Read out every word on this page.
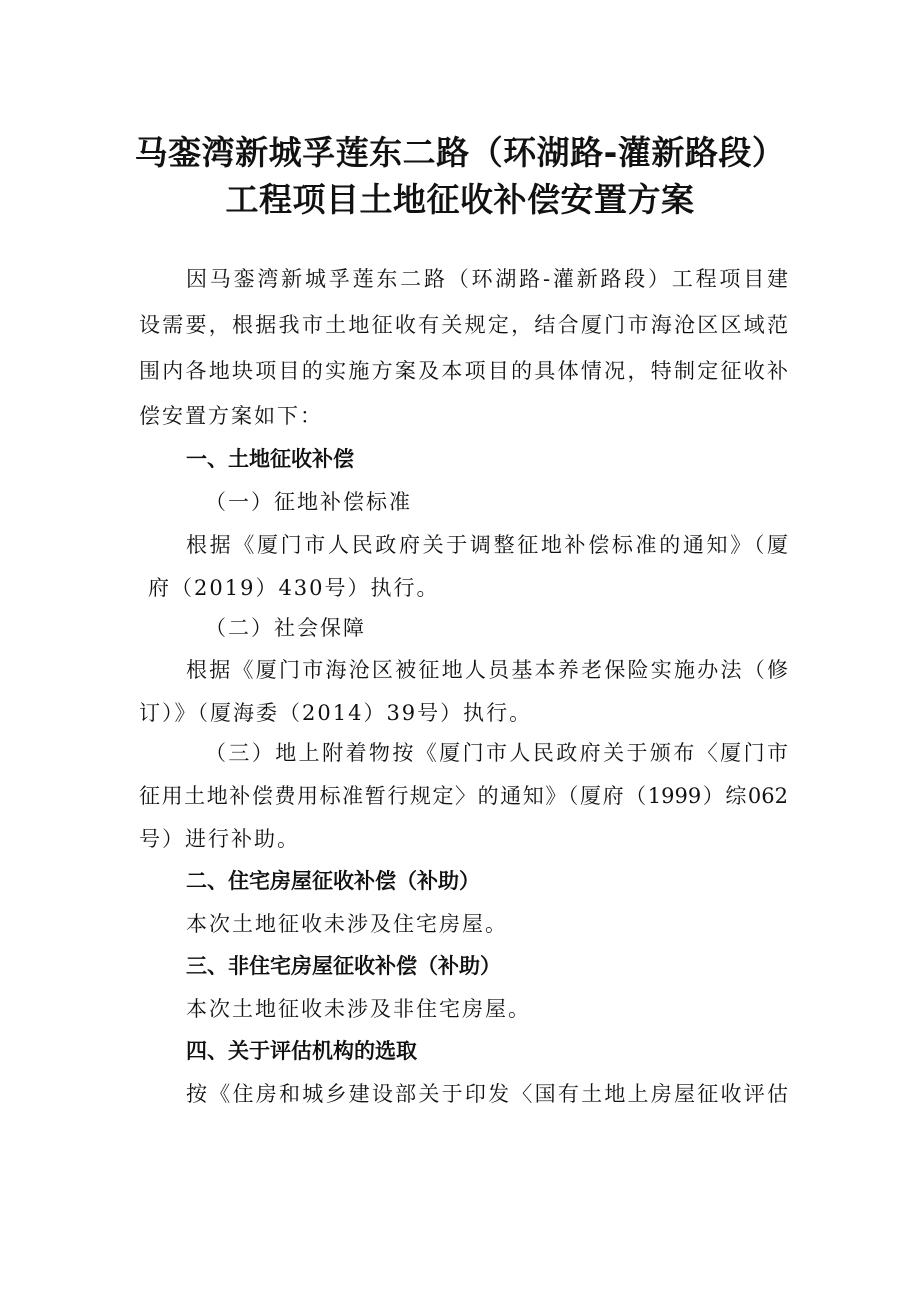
马銮湾新城孚莲东二路（环湖路-灌新路段）
工程项目土地征收补偿安置方案
因马銮湾新城孚莲东二路（环湖路-灌新路段）工程项目建
设需要，根据我市土地征收有关规定，结合厦门市海沧区区域范
围内各地块项目的实施方案及本项目的具体情况，特制定征收补
偿安置方案如下：
一、土地征收补偿
（一）征地补偿标准
根据《厦门市人民政府关于调整征地补偿标准的通知》（厦
府（2019）430号）执行。
（二）社会保障
根据《厦门市海沧区被征地人员基本养老保险实施办法（修
订）》（厦海委（2014）39号）执行。
（三）地上附着物按《厦门市人民政府关于颁布〈厦门市
征用土地补偿费用标准暂行规定〉的通知》（厦府（1999）综062
号）进行补助。
二、住宅房屋征收补偿（补助）
本次土地征收未涉及住宅房屋。
三、非住宅房屋征收补偿（补助）
本次土地征收未涉及非住宅房屋。
四、关于评估机构的选取
按《住房和城乡建设部关于印发〈国有土地上房屋征收评估
